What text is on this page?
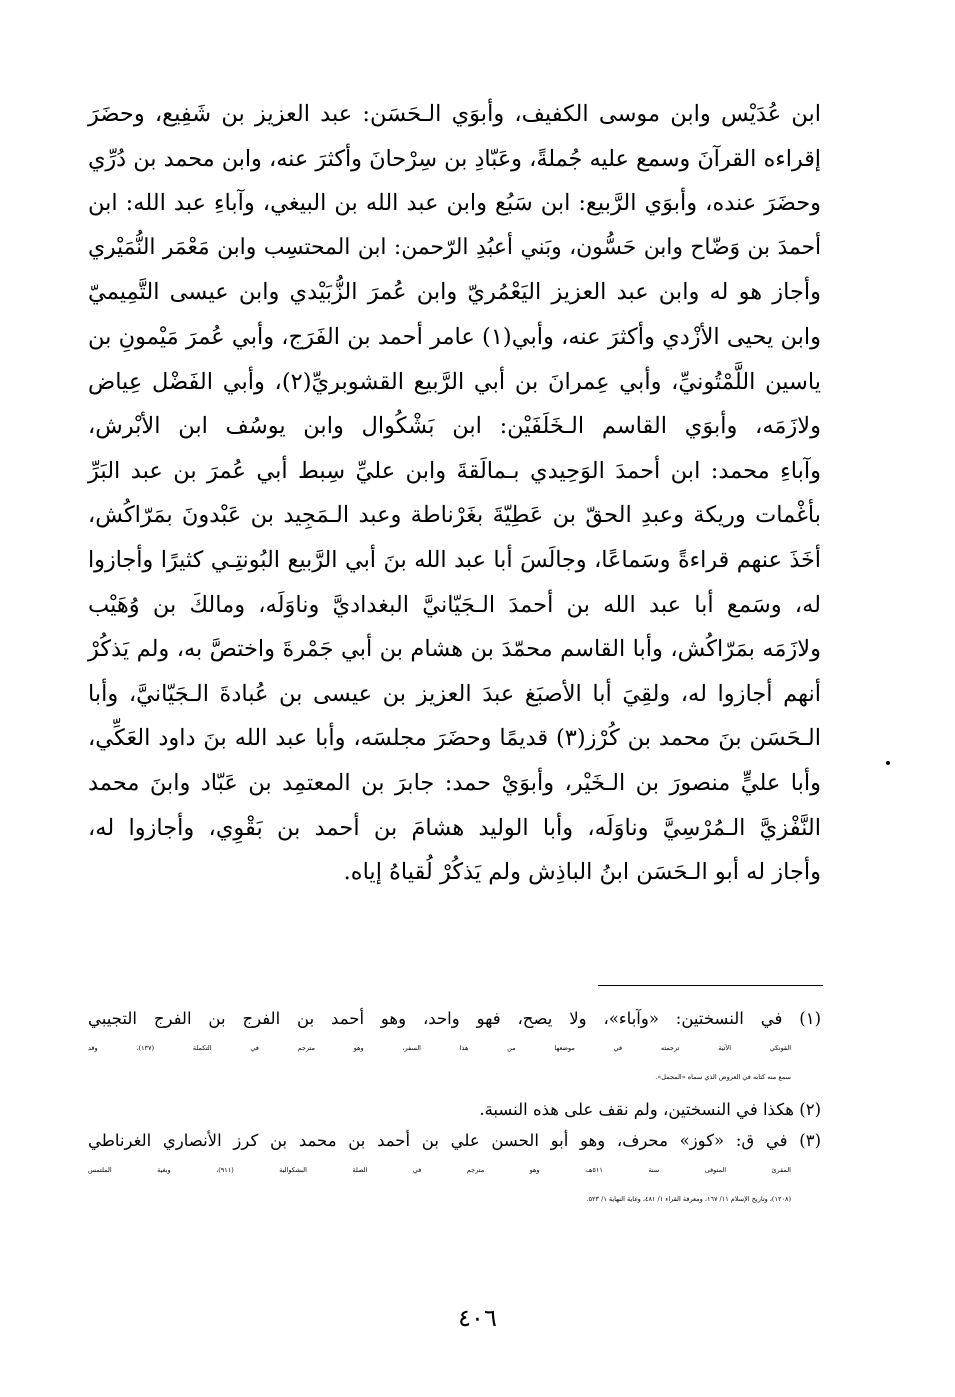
ابن عُدَيْس وابن موسى الكفيف، وأبوَي الـحَسَن: عبد العزيز بن شَفِيع، وحضَرَ
إقراءه القرآنَ وسمع عليه جُملةً، وعَبّادِ بن سِرْحانَ وأكثرَ عنه، وابن محمد بن دُرِّي
وحضَرَ عنده، وأبوَي الرَّبيع: ابن سَبُع وابن عبد الله بن البيغي، وآباءِ عبد الله: ابن
أحمدَ بن وَضّاح وابن حَسُّون، وبَني أعبُدِ الرّحمن: ابن المحتسِب وابن مَعْمَر النُّمَيْري
وأجاز هو له وابن عبد العزيز اليَعْمُريّ وابن عُمرَ الزُّبَيْدي وابن عيسى التَّمِيميّ
وابن يحيى الأزْدي وأكثرَ عنه، وأبي(١) عامر أحمد بن الفَرَج، وأبي عُمرَ مَيْمونِ بن
ياسين اللَّمْتُونيِّ، وأبي عِمرانَ بن أبي الرَّبيع القشوبريِّ(٢)، وأبي الفَضْل عِياض
ولازَمَه، وأبوَي القاسم الـخَلَفَيْن: ابن بَشْكُوال وابن يوسُف ابن الأبْرش،
وآباءِ محمد: ابن أحمدَ الوَحِيدي بـمالَقةَ وابن عليِّ سِبط أبي عُمرَ بن عبد البَرِّ
بأغْمات وريكة وعبدِ الحقّ بن عَطِيّةَ بغَرْناطة وعبد الـمَجِيد بن عَبْدونَ بمَرّاكُش،
أخَذَ عنهم قراءةً وسَماعًا، وجالَسَ أبا عبد الله بنَ أبي الرَّبيع البُونتِـي كثيرًا وأجازوا
له، وسَمع أبا عبد الله بن أحمدَ الـجَيّانيَّ البغداديَّ وناوَلَه، ومالكَ بن وُهَيْب
ولازَمَه بمَرّاكُش، وأبا القاسم محمّدَ بن هشام بن أبي جَمْرةَ واختصَّ به، ولم يَذكُرْ
أنهم أجازوا له، ولقِيَ أبا الأصبَغ عبدَ العزيز بن عيسى بن عُبادةَ الـجَيّانيَّ، وأبا
الـحَسَن بنَ محمد بن كُرْز(٣) قديمًا وحضَرَ مجلسَه، وأبا عبد الله بنَ داود العَكِّي،
وأبا عليٍّ منصورَ بن الـخَيْر، وأبوَيْ حمد: جابرَ بن المعتمِد بن عَبّاد وابنَ محمد
النَّفْزيَّ الـمُرْسِيَّ وناوَلَه، وأبا الوليد هشامَ بن أحمد بن بَقْوِي، وأجازوا له،
وأجاز له أبو الـحَسَن ابنُ الباذِش ولم يَذكُرْ لُقياهُ إياه.
(١) في النسختين: «وآباء»، ولا يصح، فهو واحد، وهو أحمد بن الفرج بن الفرج التجيبي
القونكي الآتية ترجمته في موضعها من هذا السفر، وهو مترجم في التكملة (١٣٧)، وقد
سمع منه كتابه في العروض الذي سماه «المجمل».
(٢) هكذا في النسختين، ولم نقف على هذه النسبة.
(٣) في ق: «كوز» محرف، وهو أبو الحسن علي بن أحمد بن محمد بن كرز الأنصاري الغرناطي
المقرئ المتوفى سنة ٥١١هـ، وهو مترجم في الصلة البشكوالية (٩١١)، وبغية الملتمس
(١٢٠٨)، وتاريخ الإسلام ١١/ ١٦٧، ومعرفة القراء ١/ ٤٨١، وغاية النهاية ١/ ٥٢٣.
٤٠٦
